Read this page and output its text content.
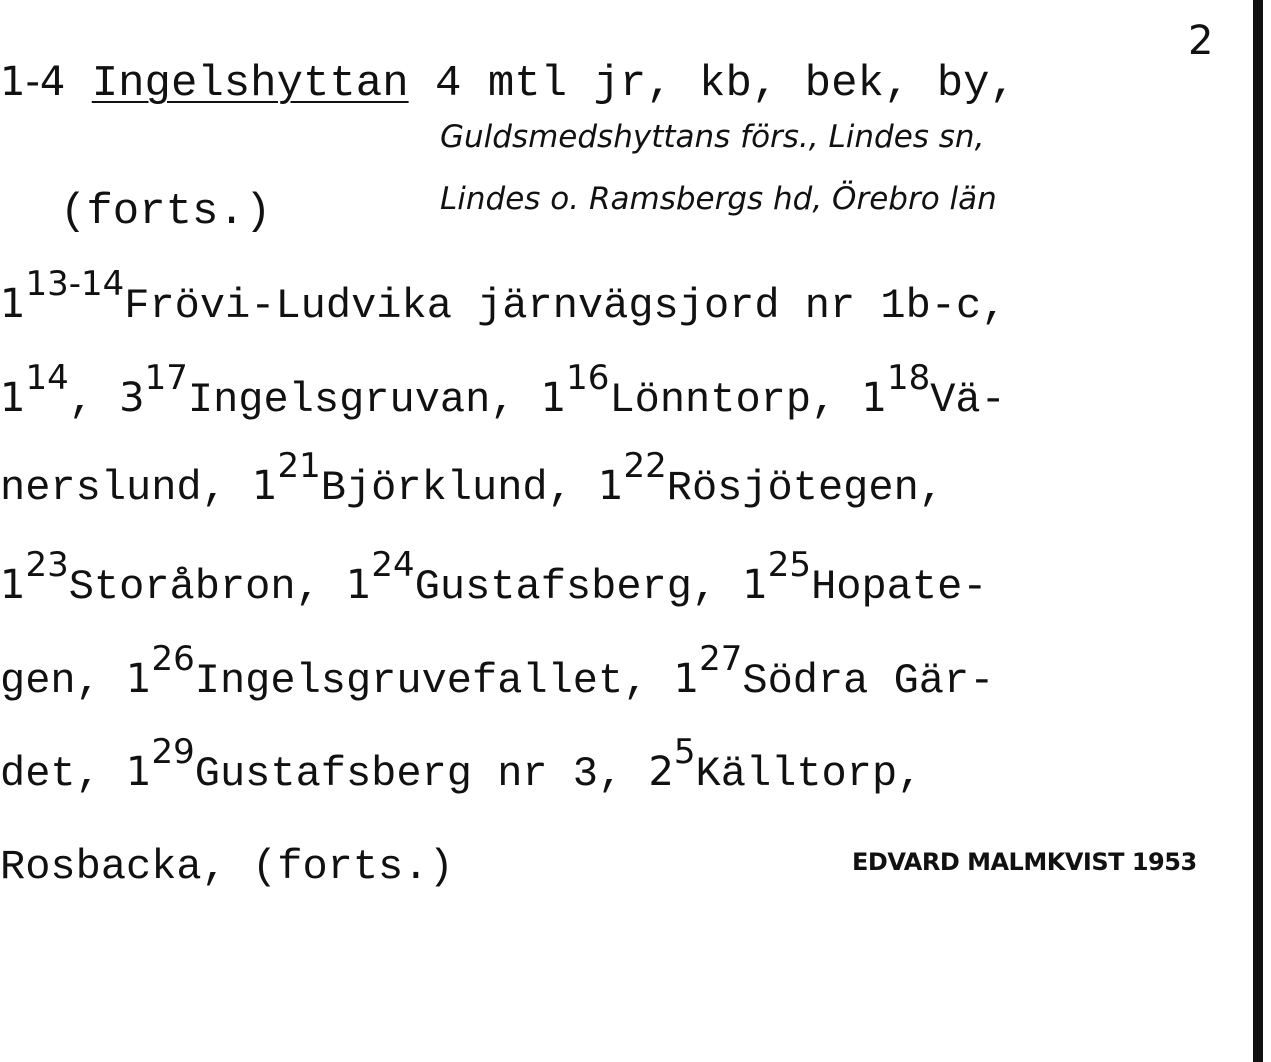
2
1-4 Ingelshyttan 4 mtl jr, kb, bek, by,
Guldsmedshyttans förs., Lindes sn,
(forts.)	Lindes o. Ramsbergs hd, Örebro län
1$^{13-14}$Frövi-Ludvika järnvägsjord nr 1b-c,
$1^{14}$, $3^{17}Ingelsgruvan$, $1^{16}Lönntorp$, $1^{18}Vä-$
nerslund, $1^{21}Björklund$, $1^{22}Rösjötegen$,
$1^{23}Storåbron$, $1^{24}Gustafsberg$, $1^{25}Hopate-$
gen, $1^{26}Ingelsgruvefallet$, $1^{27}Södra$ Gär-
det, $1^{29}Gustafsberg$ nr 3, $2^5Källtorp$,
Rosbacka, (forts.)	EDVARD MALMKVIST 1953
